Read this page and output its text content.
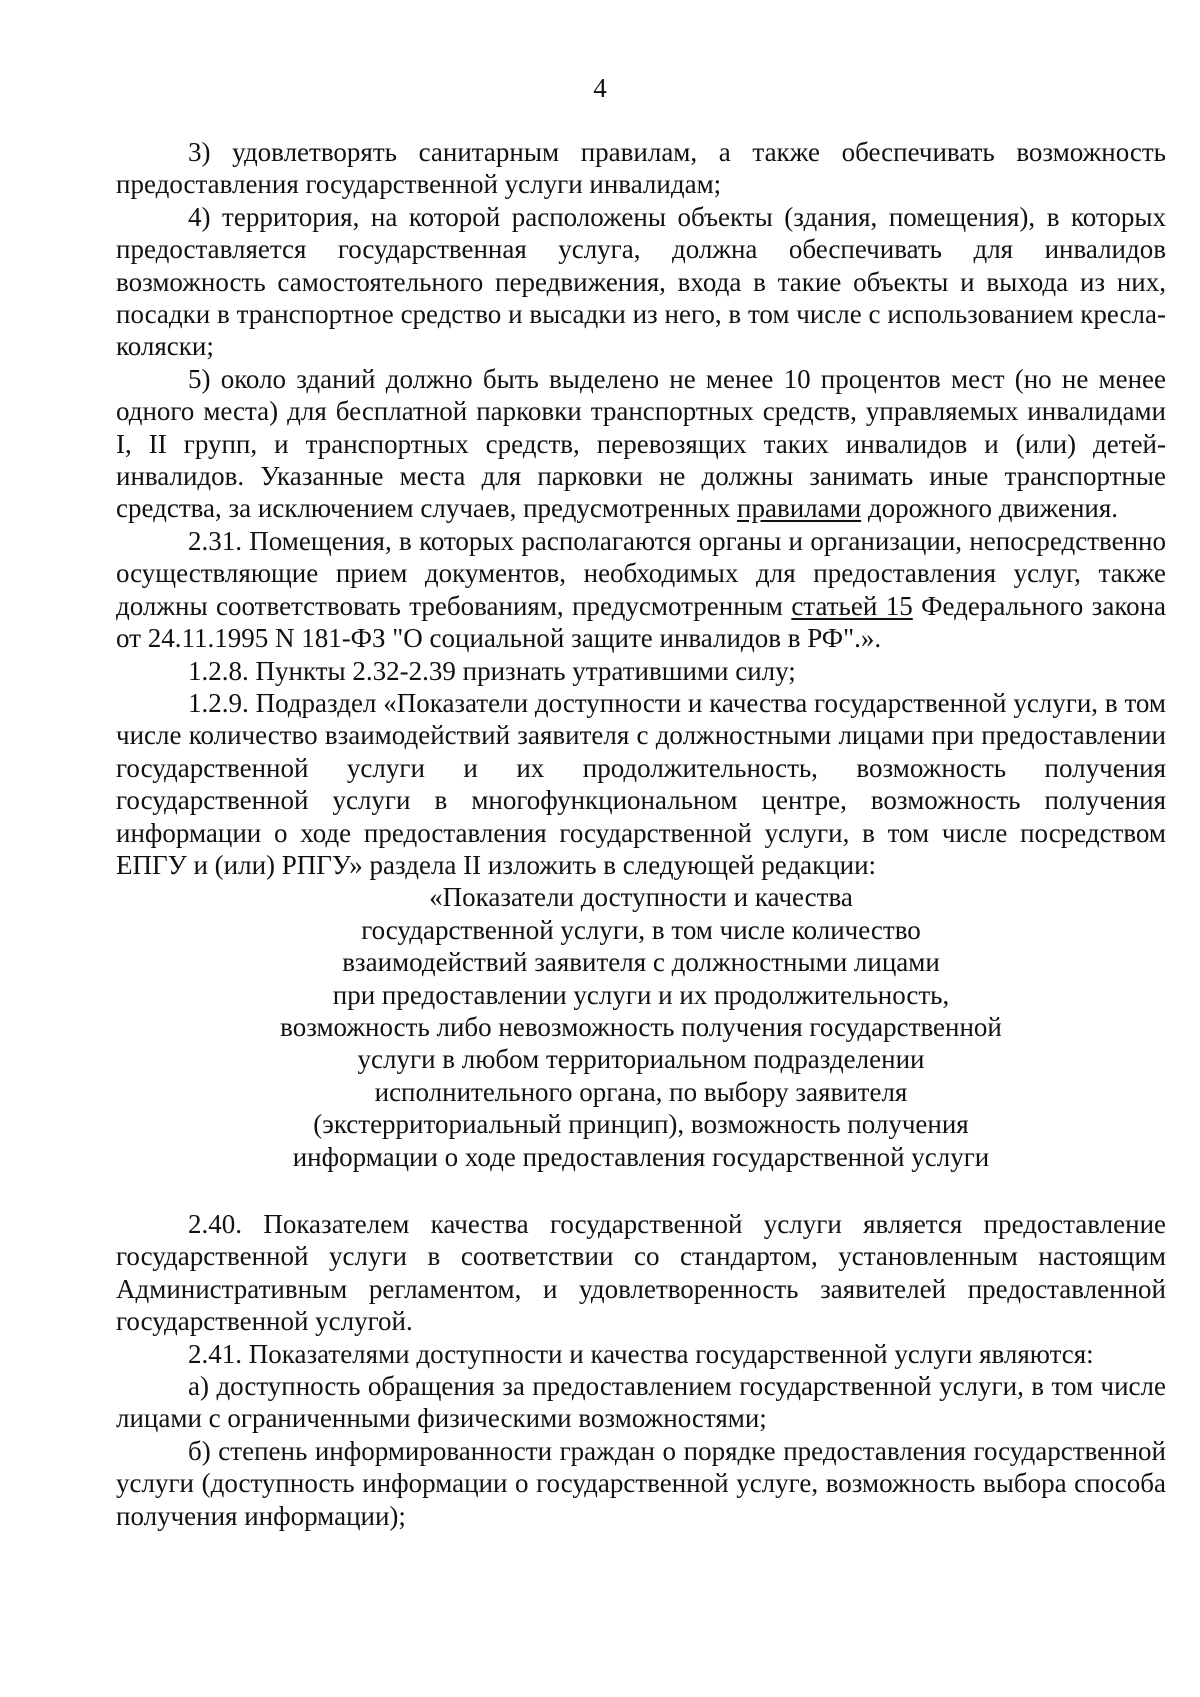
4

3) удовлетворять санитарным правилам, а также обеспечивать возможность предоставления государственной услуги инвалидам;

4) территория, на которой расположены объекты (здания, помещения), в которых предоставляется государственная услуга, должна обеспечивать для инвалидов возможность самостоятельного передвижения, входа в такие объекты и выхода из них, посадки в транспортное средство и высадки из него, в том числе с использованием кресла-коляски;

5) около зданий должно быть выделено не менее 10 процентов мест (но не менее одного места) для бесплатной парковки транспортных средств, управляемых инвалидами I, II групп, и транспортных средств, перевозящих таких инвалидов и (или) детей-инвалидов. Указанные места для парковки не должны занимать иные транспортные средства, за исключением случаев, предусмотренных правилами дорожного движения.

2.31. Помещения, в которых располагаются органы и организации, непосредственно осуществляющие прием документов, необходимых для предоставления услуг, также должны соответствовать требованиям, предусмотренным статьей 15 Федерального закона от 24.11.1995 N 181-ФЗ "О социальной защите инвалидов в РФ".».

1.2.8. Пункты 2.32-2.39 признать утратившими силу;

1.2.9. Подраздел «Показатели доступности и качества государственной услуги, в том числе количество взаимодействий заявителя с должностными лицами при предоставлении государственной услуги и их продолжительность, возможность получения государственной услуги в многофункциональном центре, возможность получения информации о ходе предоставления государственной услуги, в том числе посредством ЕПГУ и (или) РПГУ» раздела II изложить в следующей редакции:

«Показатели доступности и качества
государственной услуги, в том числе количество
взаимодействий заявителя с должностными лицами
при предоставлении услуги и их продолжительность,
возможность либо невозможность получения государственной
услуги в любом территориальном подразделении
исполнительного органа, по выбору заявителя
(экстерриториальный принцип), возможность получения
информации о ходе предоставления государственной услуги

2.40. Показателем качества государственной услуги является предоставление государственной услуги в соответствии со стандартом, установленным настоящим Административным регламентом, и удовлетворенность заявителей предоставленной государственной услугой.

2.41. Показателями доступности и качества государственной услуги являются:

а) доступность обращения за предоставлением государственной услуги, в том числе лицами с ограниченными физическими возможностями;

б) степень информированности граждан о порядке предоставления государственной услуги (доступность информации о государственной услуге, возможность выбора способа получения информации);
